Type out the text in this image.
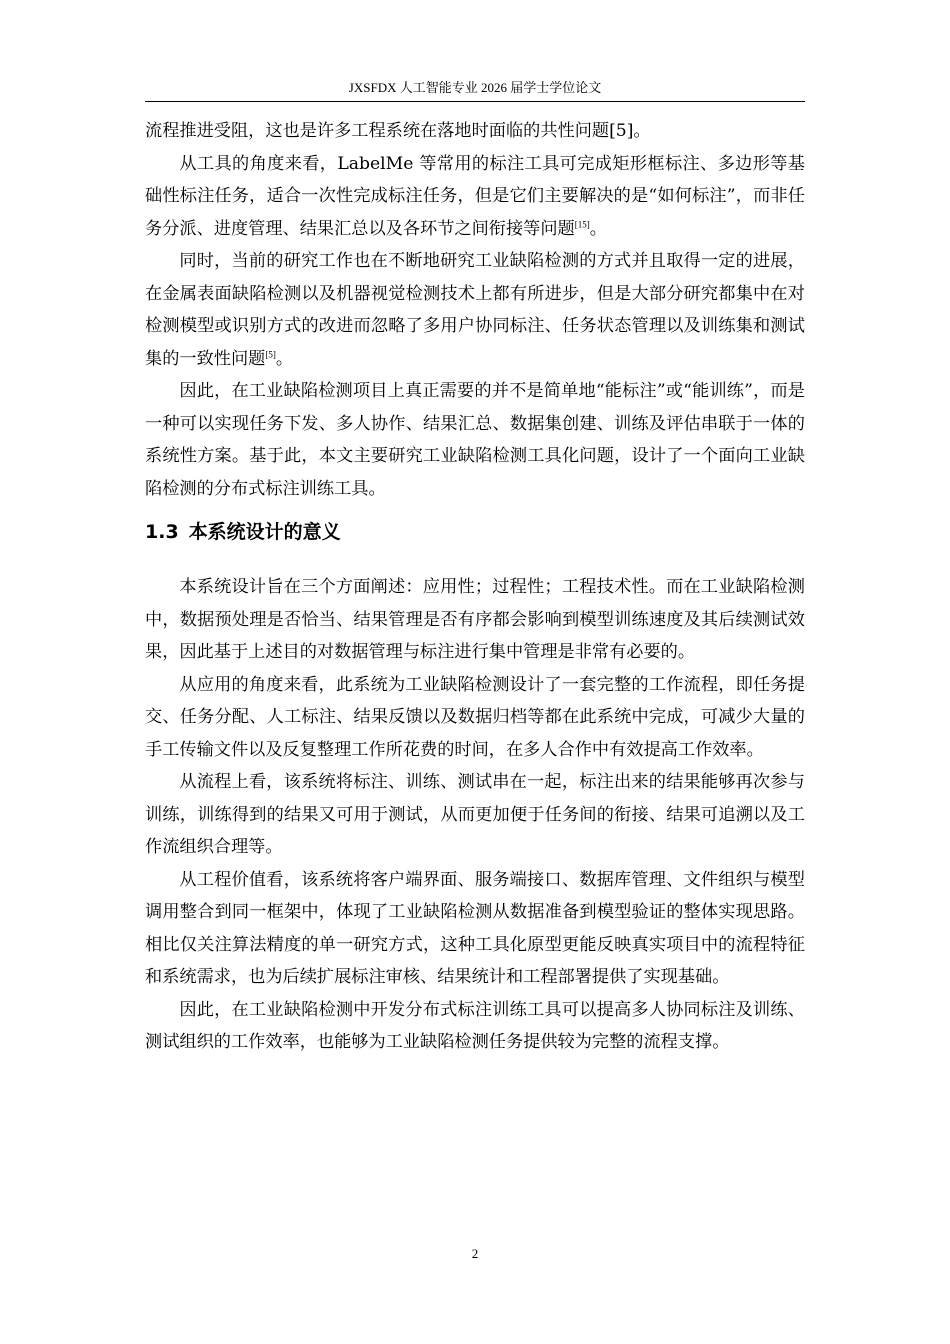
JXSFDX 人工智能专业 2026 届学士学位论文

流程推进受阻，这也是许多工程系统在落地时面临的共性问题[5]。

从工具的角度来看，LabelMe 等常用的标注工具可完成矩形框标注、多边形等基础性标注任务，适合一次性完成标注任务，但是它们主要解决的是“如何标注”，而非任务分派、进度管理、结果汇总以及各环节之间衔接等问题[15]。

同时，当前的研究工作也在不断地研究工业缺陷检测的方式并且取得一定的进展，在金属表面缺陷检测以及机器视觉检测技术上都有所进步，但是大部分研究都集中在对检测模型或识别方式的改进而忽略了多用户协同标注、任务状态管理以及训练集和测试集的一致性问题[5]。

因此，在工业缺陷检测项目上真正需要的并不是简单地“能标注”或“能训练”，而是一种可以实现任务下发、多人协作、结果汇总、数据集创建、训练及评估串联于一体的系统性方案。基于此，本文主要研究工业缺陷检测工具化问题，设计了一个面向工业缺陷检测的分布式标注训练工具。

1.3 本系统设计的意义

本系统设计旨在三个方面阐述：应用性；过程性；工程技术性。而在工业缺陷检测中，数据预处理是否恰当、结果管理是否有序都会影响到模型训练速度及其后续测试效果，因此基于上述目的对数据管理与标注进行集中管理是非常有必要的。

从应用的角度来看，此系统为工业缺陷检测设计了一套完整的工作流程，即任务提交、任务分配、人工标注、结果反馈以及数据归档等都在此系统中完成，可减少大量的手工传输文件以及反复整理工作所花费的时间，在多人合作中有效提高工作效率。

从流程上看，该系统将标注、训练、测试串在一起，标注出来的结果能够再次参与训练，训练得到的结果又可用于测试，从而更加便于任务间的衔接、结果可追溯以及工作流组织合理等。

从工程价值看，该系统将客户端界面、服务端接口、数据库管理、文件组织与模型调用整合到同一框架中，体现了工业缺陷检测从数据准备到模型验证的整体实现思路。相比仅关注算法精度的单一研究方式，这种工具化原型更能反映真实项目中的流程特征和系统需求，也为后续扩展标注审核、结果统计和工程部署提供了实现基础。

因此，在工业缺陷检测中开发分布式标注训练工具可以提高多人协同标注及训练、测试组织的工作效率，也能够为工业缺陷检测任务提供较为完整的流程支撑。

2
